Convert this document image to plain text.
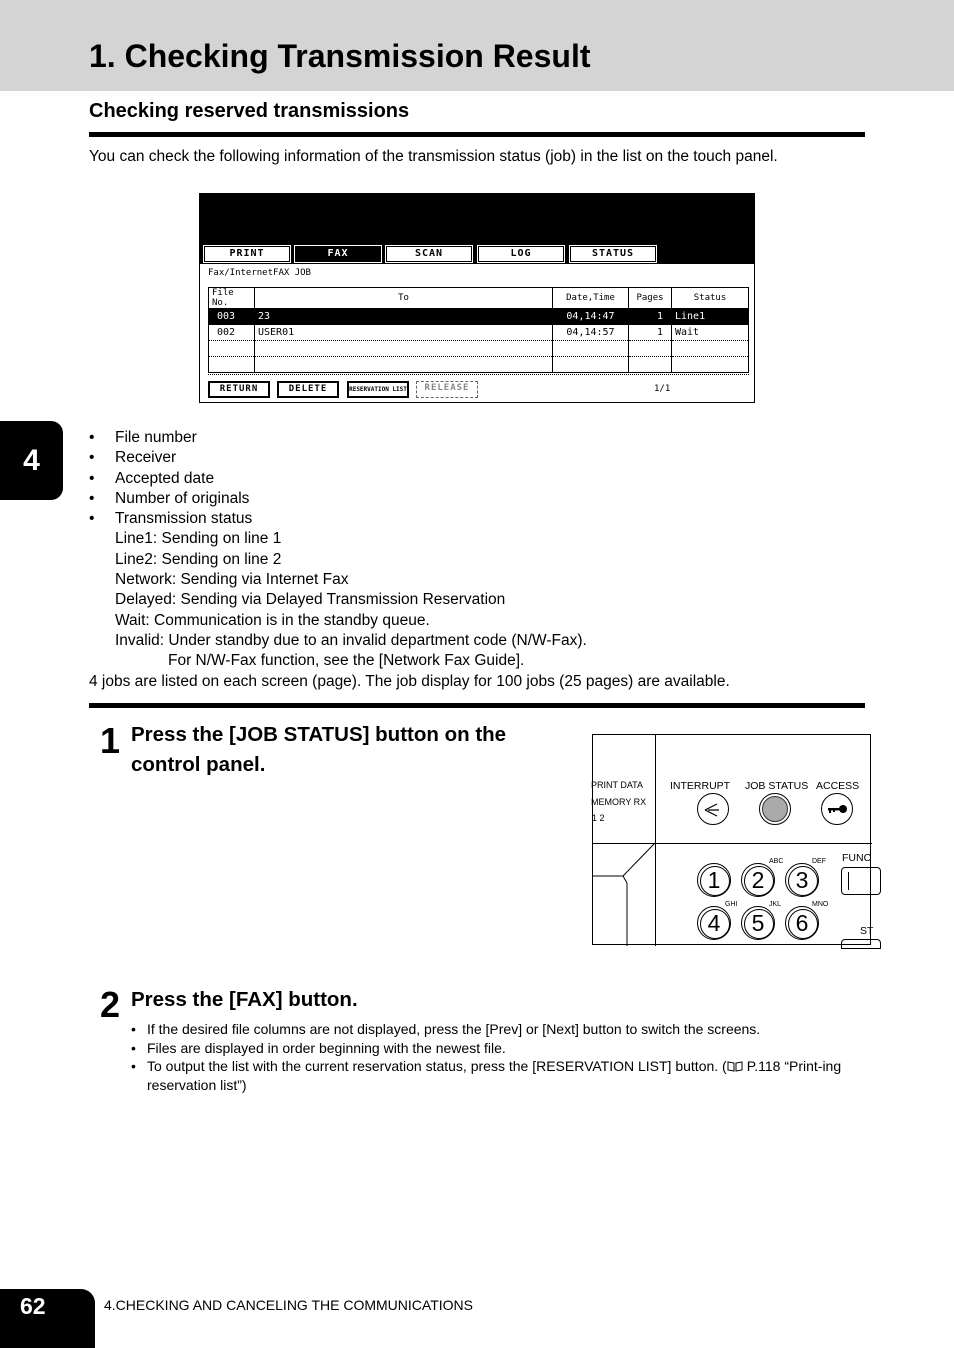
1. Checking Transmission Result
Checking reserved transmissions

You can check the following information of the transmission status (job) in the list on the touch panel.

PRINT	FAX	SCAN	LOG	STATUS
Fax/InternetFAX JOB
File No.	To	Date,Time	Pages	Status
003	23	04,14:47	1	Line1
002	USER01	04,14:57	1	Wait

RETURN	DELETE	RESERVATION LIST	RELEASE	1/1
4
• File number
• Receiver
• Accepted date
• Number of originals
• Transmission status
Line1: Sending on line 1
Line2: Sending on line 2
Network: Sending via Internet Fax
Delayed: Sending via Delayed Transmission Reservation
Wait: Communication is in the standby queue.
Invalid: Under standby due to an invalid department code (N/W-Fax).
For N/W-Fax function, see the [Network Fax Guide].
4 jobs are listed on each screen (page). The job display for 100 jobs (25 pages) are available.
1 Press the [JOB STATUS] button on the
control panel.
PRINT DATA
MEMORY RX
1 2
INTERRUPT JOB STATUS ACCESS
FUNC
ST
1	2	3
4	5	6
ABC	DEF
GHI	JKL	MNO
2 Press the [FAX] button.
• If the desired file columns are not displayed, press the [Prev] or [Next] button to switch the screens.
• Files are displayed in order beginning with the newest file.
• To output the list with the current reservation status, press the [RESERVATION LIST] button. ( P.118 “Print-ing reservation list”)
62	4.CHECKING AND CANCELING THE COMMUNICATIONS
